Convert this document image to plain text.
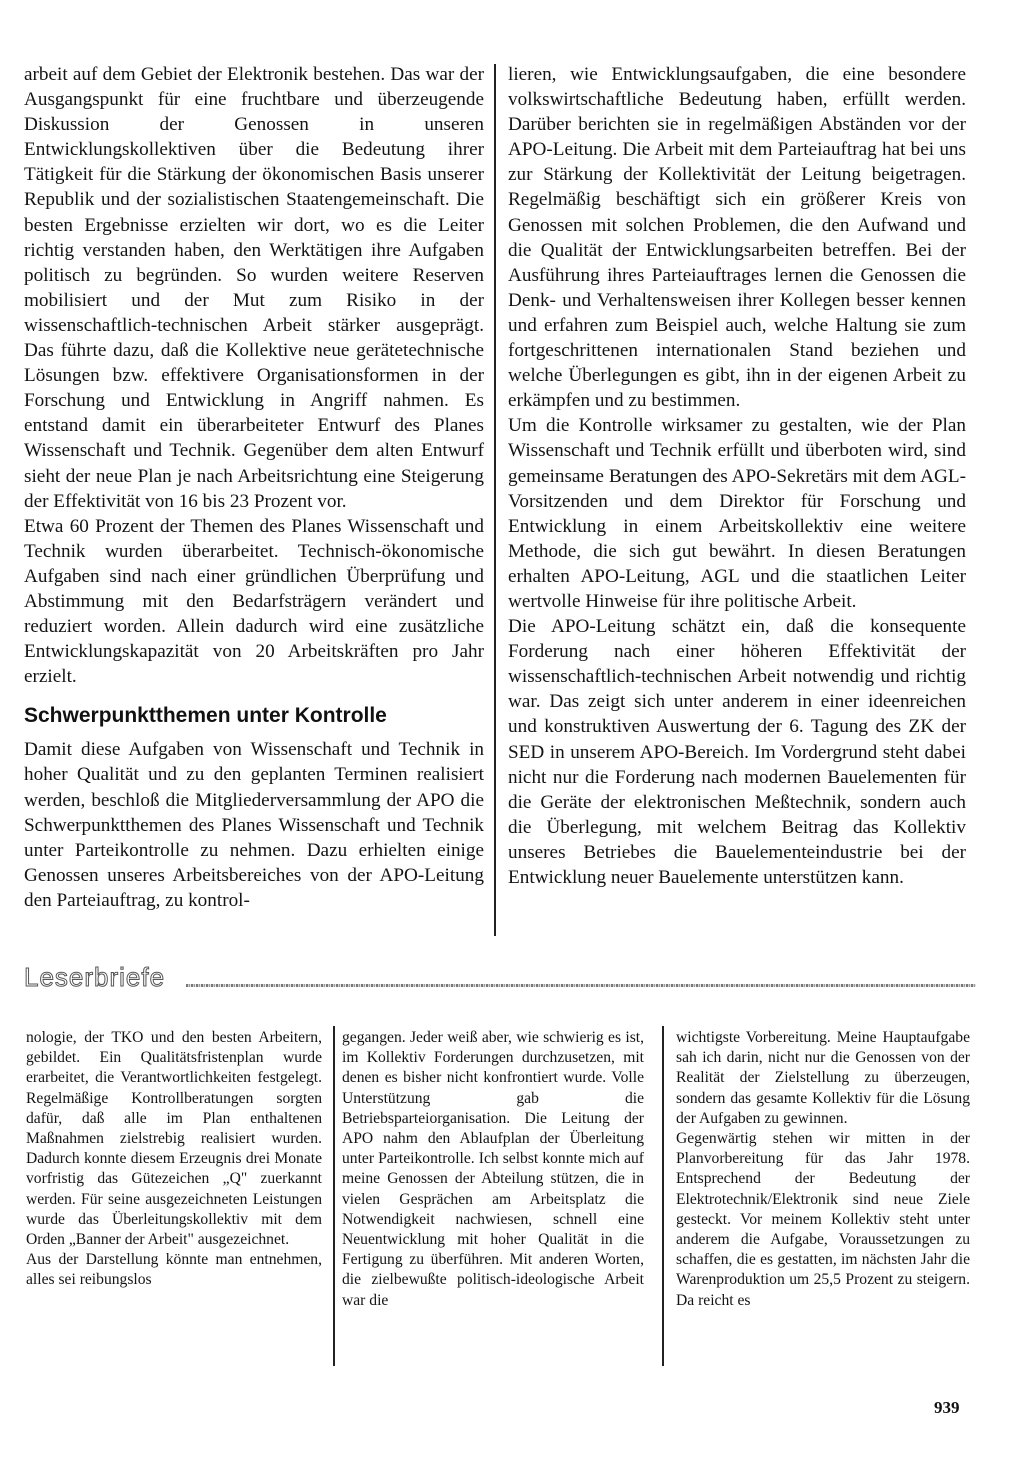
arbeit auf dem Gebiet der Elektronik bestehen. Das war der Ausgangspunkt für eine fruchtbare und überzeugende Diskussion der Genossen in unseren Entwicklungskollektiven über die Bedeutung ihrer Tätigkeit für die Stärkung der ökonomischen Basis unserer Republik und der sozialistischen Staatengemeinschaft. Die besten Ergebnisse erzielten wir dort, wo es die Leiter richtig verstanden haben, den Werktätigen ihre Aufgaben politisch zu begründen. So wurden weitere Reserven mobilisiert und der Mut zum Risiko in der wissenschaftlich-technischen Arbeit stärker ausgeprägt. Das führte dazu, daß die Kollektive neue gerätetechnische Lösungen bzw. effektivere Organisationsformen in der Forschung und Entwicklung in Angriff nahmen. Es entstand damit ein überarbeiteter Entwurf des Planes Wissenschaft und Technik. Gegenüber dem alten Entwurf sieht der neue Plan je nach Arbeitsrichtung eine Steigerung der Effektivität von 16 bis 23 Prozent vor.

Etwa 60 Prozent der Themen des Planes Wissenschaft und Technik wurden überarbeitet. Technisch-ökonomische Aufgaben sind nach einer gründlichen Überprüfung und Abstimmung mit den Bedarfsträgern verändert und reduziert worden. Allein dadurch wird eine zusätzliche Entwicklungskapazität von 20 Arbeitskräften pro Jahr erzielt.

Schwerpunktthemen unter Kontrolle

Damit diese Aufgaben von Wissenschaft und Technik in hoher Qualität und zu den geplanten Terminen realisiert werden, beschloß die Mitgliederversammlung der APO die Schwerpunktthemen des Planes Wissenschaft und Technik unter Parteikontrolle zu nehmen. Dazu erhielten einige Genossen unseres Arbeitsbereiches von der APO-Leitung den Parteiauftrag, zu kontrol-

lieren, wie Entwicklungsaufgaben, die eine besondere volkswirtschaftliche Bedeutung haben, erfüllt werden. Darüber berichten sie in regelmäßigen Abständen vor der APO-Leitung. Die Arbeit mit dem Parteiauftrag hat bei uns zur Stärkung der Kollektivität der Leitung beigetragen. Regelmäßig beschäftigt sich ein größerer Kreis von Genossen mit solchen Problemen, die den Aufwand und die Qualität der Entwicklungsarbeiten betreffen. Bei der Ausführung ihres Parteiauftrages lernen die Genossen die Denk- und Verhaltensweisen ihrer Kollegen besser kennen und erfahren zum Beispiel auch, welche Haltung sie zum fortgeschrittenen internationalen Stand beziehen und welche Überlegungen es gibt, ihn in der eigenen Arbeit zu erkämpfen und zu bestimmen.

Um die Kontrolle wirksamer zu gestalten, wie der Plan Wissenschaft und Technik erfüllt und überboten wird, sind gemeinsame Beratungen des APO-Sekretärs mit dem AGL-Vorsitzenden und dem Direktor für Forschung und Entwicklung in einem Arbeitskollektiv eine weitere Methode, die sich gut bewährt. In diesen Beratungen erhalten APO-Leitung, AGL und die staatlichen Leiter wertvolle Hinweise für ihre politische Arbeit.

Die APO-Leitung schätzt ein, daß die konsequente Forderung nach einer höheren Effektivität der wissenschaftlich-technischen Arbeit notwendig und richtig war. Das zeigt sich unter anderem in einer ideenreichen und konstruktiven Auswertung der 6. Tagung des ZK der SED in unserem APO-Bereich. Im Vordergrund steht dabei nicht nur die Forderung nach modernen Bauelementen für die Geräte der elektronischen Meßtechnik, sondern auch die Überlegung, mit welchem Beitrag das Kollektiv unseres Betriebes die Bauelementeindustrie bei der Entwicklung neuer Bauelemente unterstützen kann.

Leserbriefe

nologie, der TKO und den besten Arbeitern, gebildet. Ein Qualitätsfristenplan wurde erarbeitet, die Verantwortlichkeiten festgelegt. Regelmäßige Kontrollberatungen sorgten dafür, daß alle im Plan enthaltenen Maßnahmen zielstrebig realisiert wurden. Dadurch konnte diesem Erzeugnis drei Monate vorfristig das Gütezeichen „Q" zuerkannt werden. Für seine ausgezeichneten Leistungen wurde das Überleitungskollektiv mit dem Orden „Banner der Arbeit" ausgezeichnet.

Aus der Darstellung könnte man entnehmen, alles sei reibungslos

gegangen. Jeder weiß aber, wie schwierig es ist, im Kollektiv Forderungen durchzusetzen, mit denen es bisher nicht konfrontiert wurde. Volle Unterstützung gab die Betriebsparteiorganisation. Die Leitung der APO nahm den Ablaufplan der Überleitung unter Parteikontrolle. Ich selbst konnte mich auf meine Genossen der Abteilung stützen, die in vielen Gesprächen am Arbeitsplatz die Notwendigkeit nachwiesen, schnell eine Neuentwicklung mit hoher Qualität in die Fertigung zu überführen. Mit anderen Worten, die zielbewußte politisch-ideologische Arbeit war die

wichtigste Vorbereitung. Meine Hauptaufgabe sah ich darin, nicht nur die Genossen von der Realität der Zielstellung zu überzeugen, sondern das gesamte Kollektiv für die Lösung der Aufgaben zu gewinnen.

Gegenwärtig stehen wir mitten in der Planvorbereitung für das Jahr 1978. Entsprechend der Bedeutung der Elektrotechnik/Elektronik sind neue Ziele gesteckt. Vor meinem Kollektiv steht unter anderem die Aufgabe, Voraussetzungen zu schaffen, die es gestatten, im nächsten Jahr die Warenproduktion um 25,5 Prozent zu steigern. Da reicht es

939
